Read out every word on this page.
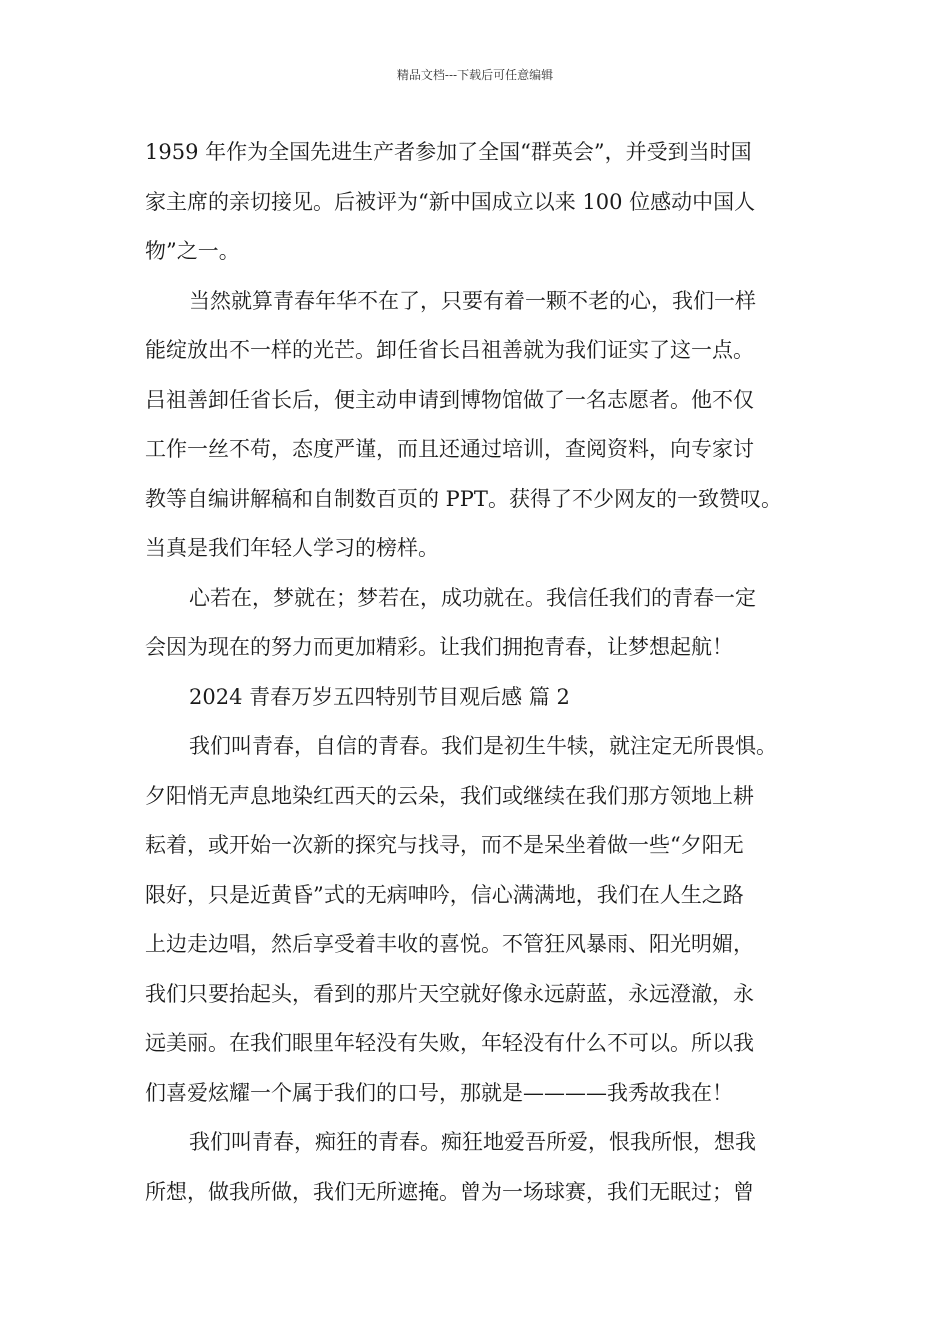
精品文档---下载后可任意编辑

1959 年作为全国先进生产者参加了全国“群英会”，并受到当时国
家主席的亲切接见。后被评为“新中国成立以来 100 位感动中国人
物”之一。

当然就算青春年华不在了，只要有着一颗不老的心，我们一样
能绽放出不一样的光芒。卸任省长吕祖善就为我们证实了这一点。
吕祖善卸任省长后，便主动申请到博物馆做了一名志愿者。他不仅
工作一丝不苟，态度严谨，而且还通过培训，查阅资料，向专家讨
教等自编讲解稿和自制数百页的 PPT。获得了不少网友的一致赞叹。
当真是我们年轻人学习的榜样。

心若在，梦就在；梦若在，成功就在。我信任我们的青春一定
会因为现在的努力而更加精彩。让我们拥抱青春，让梦想起航！

2024 青春万岁五四特别节目观后感 篇 2

我们叫青春，自信的青春。我们是初生牛犊，就注定无所畏惧。
夕阳悄无声息地染红西天的云朵，我们或继续在我们那方领地上耕
耘着，或开始一次新的探究与找寻，而不是呆坐着做一些“夕阳无
限好，只是近黄昏”式的无病呻吟，信心满满地，我们在人生之路
上边走边唱，然后享受着丰收的喜悦。不管狂风暴雨、阳光明媚，
我们只要抬起头，看到的那片天空就好像永远蔚蓝，永远澄澈，永
远美丽。在我们眼里年轻没有失败，年轻没有什么不可以。所以我
们喜爱炫耀一个属于我们的口号，那就是————我秀故我在！

我们叫青春，痴狂的青春。痴狂地爱吾所爱，恨我所恨，想我
所想，做我所做，我们无所遮掩。曾为一场球赛，我们无眠过；曾
